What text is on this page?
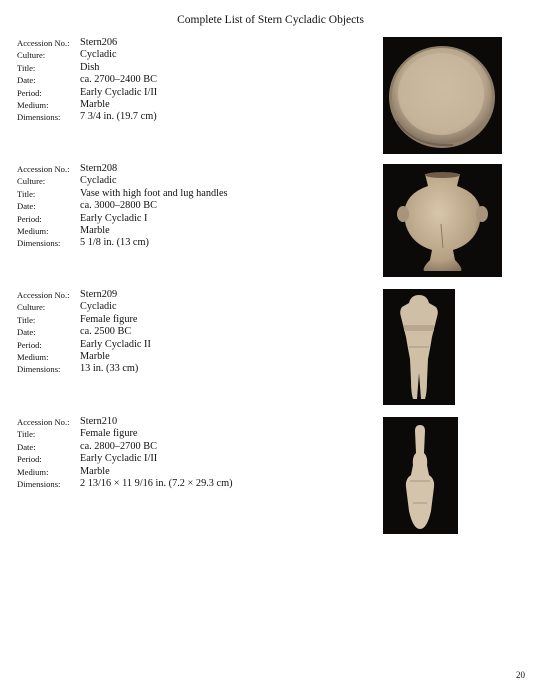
Complete List of Stern Cycladic Objects
Accession No.:	Stern206
Culture:	Cycladic
Title:	Dish
Date:	ca. 2700–2400 BC
Period:	Early Cycladic I/II
Medium:	Marble
Dimensions:	7 3/4 in. (19.7 cm)
Accession No.:	Stern208
Culture:	Cycladic
Title:	Vase with high foot and lug handles
Date:	ca. 3000–2800 BC
Period:	Early Cycladic I
Medium:	Marble
Dimensions:	5 1/8 in. (13 cm)
Accession No.:	Stern209
Culture:	Cycladic
Title:	Female figure
Date:	ca. 2500 BC
Period:	Early Cycladic II
Medium:	Marble
Dimensions:	13 in. (33 cm)
Accession No.:	Stern210
Title:	Female figure
Date:	ca. 2800–2700 BC
Period:	Early Cycladic I/II
Medium:	Marble
Dimensions:	2 13/16 × 11 9/16 in. (7.2 × 29.3 cm)
20
